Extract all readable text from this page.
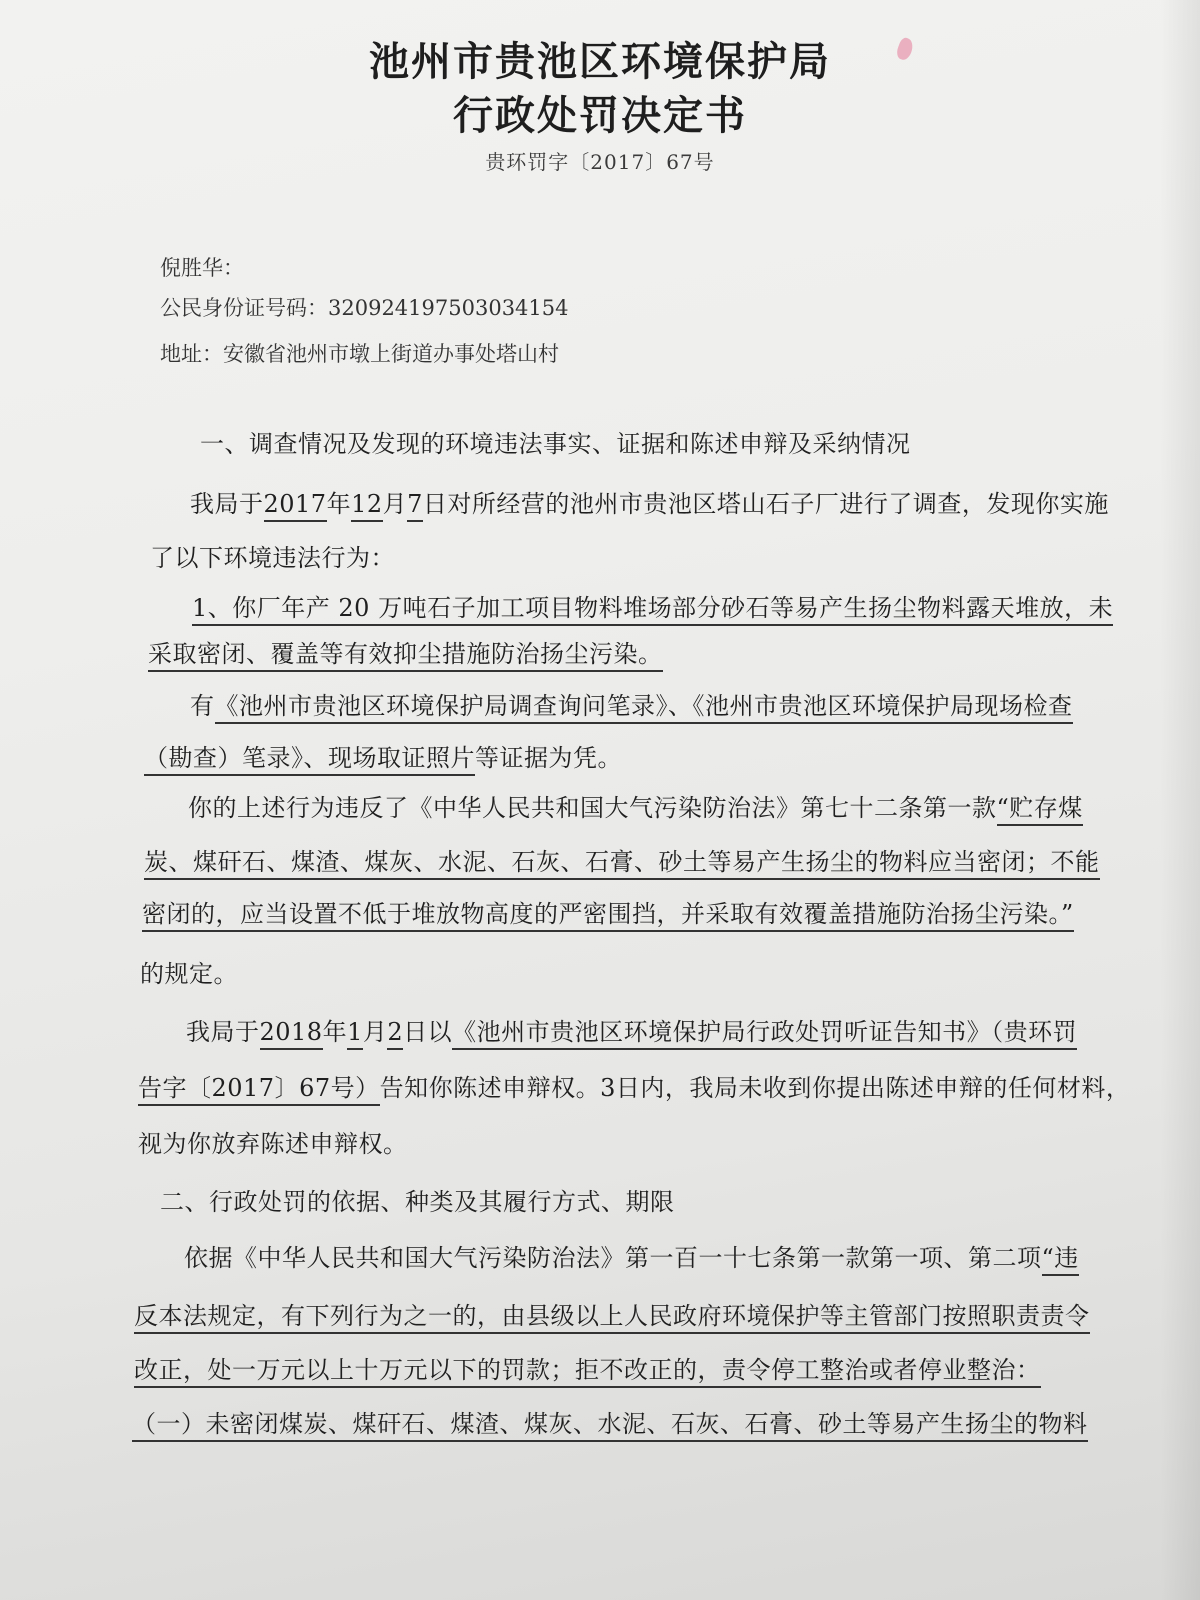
池州市贵池区环境保护局
行政处罚决定书
贵环罚字〔2017〕67号
倪胜华：
公民身份证号码：320924197503034154
地址：安徽省池州市墩上街道办事处塔山村
一、调查情况及发现的环境违法事实、证据和陈述申辩及采纳情况
我局于2017年12月7日对所经营的池州市贵池区塔山石子厂进行了调查，发现你实施
了以下环境违法行为：
1、你厂年产 20 万吨石子加工项目物料堆场部分砂石等易产生扬尘物料露天堆放，未
采取密闭、覆盖等有效抑尘措施防治扬尘污染。
有《池州市贵池区环境保护局调查询问笔录》、《池州市贵池区环境保护局现场检查
（勘查）笔录》、现场取证照片等证据为凭。
你的上述行为违反了《中华人民共和国大气污染防治法》第七十二条第一款“贮存煤
炭、煤矸石、煤渣、煤灰、水泥、石灰、石膏、砂土等易产生扬尘的物料应当密闭；不能
密闭的，应当设置不低于堆放物高度的严密围挡，并采取有效覆盖措施防治扬尘污染。”
的规定。
我局于2018年1月2日以《池州市贵池区环境保护局行政处罚听证告知书》（贵环罚
告字〔2017〕67号）告知你陈述申辩权。3日内，我局未收到你提出陈述申辩的任何材料，
视为你放弃陈述申辩权。
二、行政处罚的依据、种类及其履行方式、期限
依据《中华人民共和国大气污染防治法》第一百一十七条第一款第一项、第二项“违
反本法规定，有下列行为之一的，由县级以上人民政府环境保护等主管部门按照职责责令
改正，处一万元以上十万元以下的罚款；拒不改正的，责令停工整治或者停业整治：
（一）未密闭煤炭、煤矸石、煤渣、煤灰、水泥、石灰、石膏、砂土等易产生扬尘的物料
